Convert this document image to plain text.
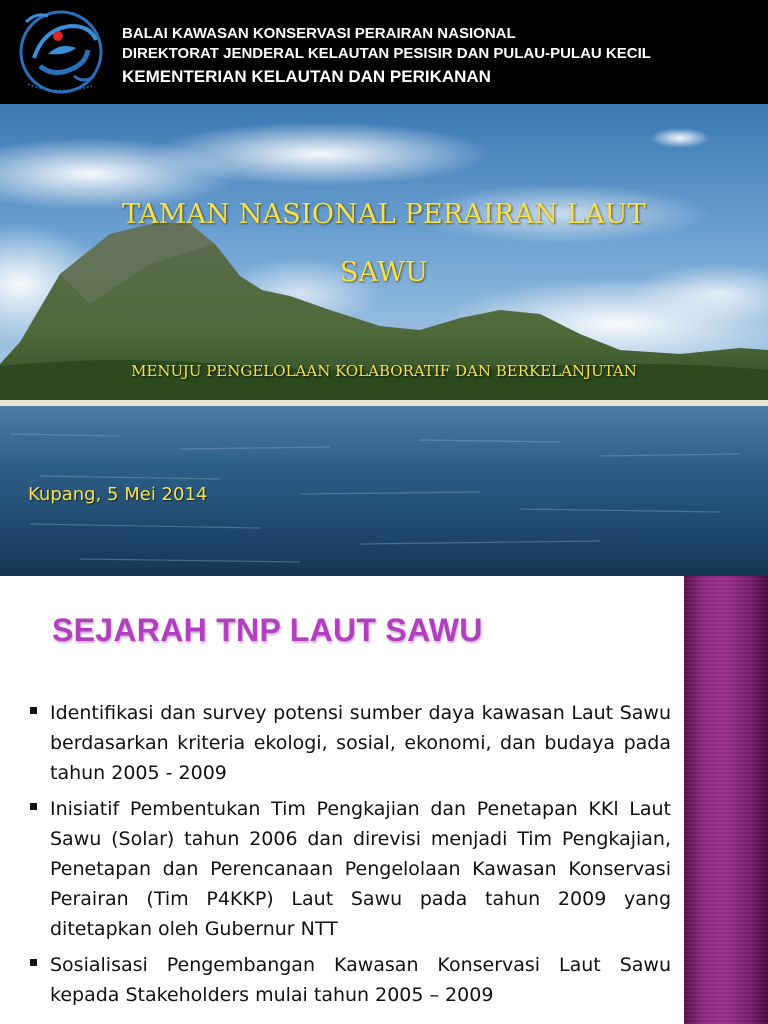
BALAI KAWASAN KONSERVASI PERAIRAN NASIONAL
DIREKTORAT JENDERAL KELAUTAN PESISIR DAN PULAU-PULAU KECIL
KEMENTERIAN KELAUTAN DAN PERIKANAN
TAMAN NASIONAL PERAIRAN LAUT
SAWU
MENUJU PENGELOLAAN KOLABORATIF DAN BERKELANJUTAN
Kupang, 5 Mei 2014
SEJARAH TNP LAUT SAWU
Identifikasi dan survey potensi sumber daya kawasan Laut Sawu berdasarkan kriteria ekologi, sosial, ekonomi, dan budaya pada tahun 2005 - 2009
Inisiatif Pembentukan Tim Pengkajian dan Penetapan KKl Laut Sawu (Solar) tahun 2006 dan direvisi menjadi Tim Pengkajian, Penetapan dan Perencanaan Pengelolaan Kawasan Konservasi Perairan (Tim P4KKP) Laut Sawu pada tahun 2009 yang ditetapkan oleh Gubernur NTT
Sosialisasi Pengembangan Kawasan Konservasi Laut Sawu kepada Stakeholders mulai tahun 2005 – 2009
